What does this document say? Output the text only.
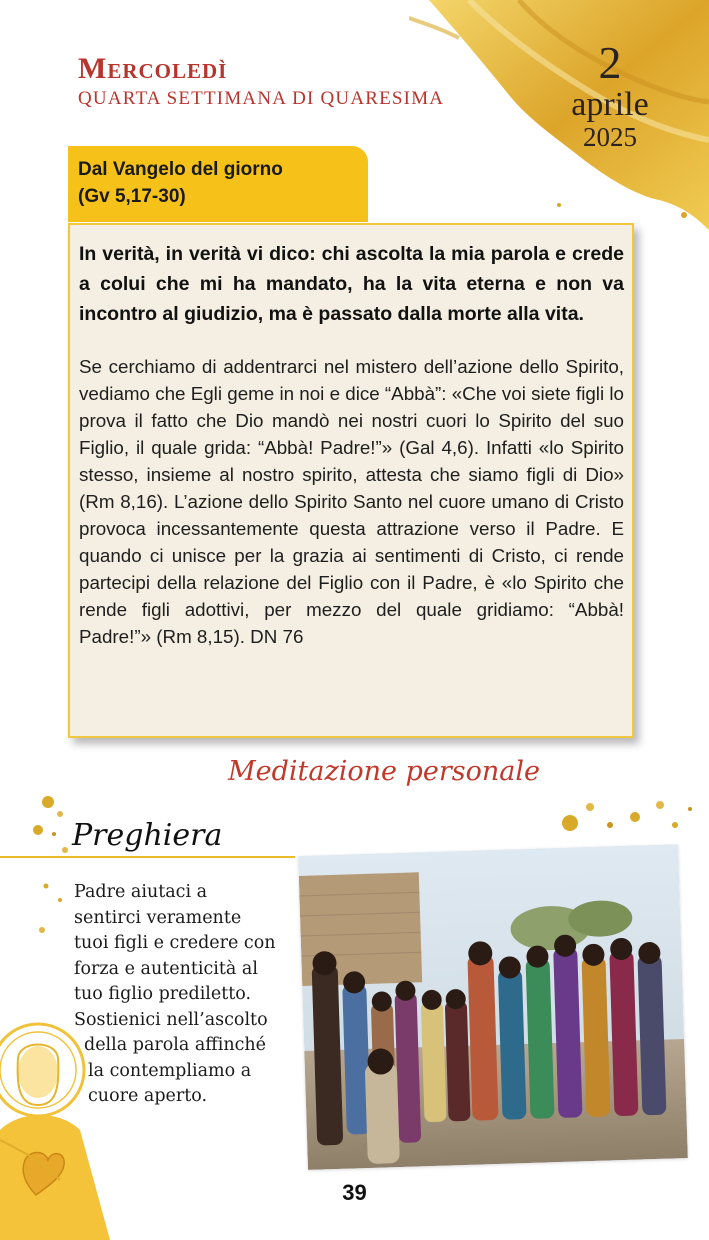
Mercoledì
QUARTA SETTIMANA DI QUARESIMA
2
aprile
2025
Dal Vangelo del giorno
(Gv 5,17-30)

In verità, in verità vi dico: chi ascolta la mia parola e crede a colui che mi ha mandato, ha la vita eterna e non va incontro al giudizio, ma è passato dalla morte alla vita.

Se cerchiamo di addentrarci nel mistero dell’azione dello Spirito, vediamo che Egli geme in noi e dice “Abbà”: «Che voi siete figli lo prova il fatto che Dio mandò nei nostri cuori lo Spirito del suo Figlio, il quale grida: “Abbà! Padre!”» (Gal 4,6). Infatti «lo Spirito stesso, insieme al nostro spirito, attesta che siamo figli di Dio» (Rm 8,16). L’azione dello Spirito Santo nel cuore umano di Cristo provoca incessantemente questa attrazione verso il Padre. E quando ci unisce per la grazia ai sentimenti di Cristo, ci rende partecipi della relazione del Figlio con il Padre, è «lo Spirito che rende figli adottivi, per mezzo del quale gridiamo: “Abbà! Padre!”» (Rm 8,15). DN 76

Meditazione personale
Preghiera
Padre aiutaci a
sentirci veramente
tuoi figli e credere con
forza e autenticità al
tuo figlio prediletto.
Sostienici nell’ascolto
della parola affinché
la contempliamo a
cuore aperto.
39
